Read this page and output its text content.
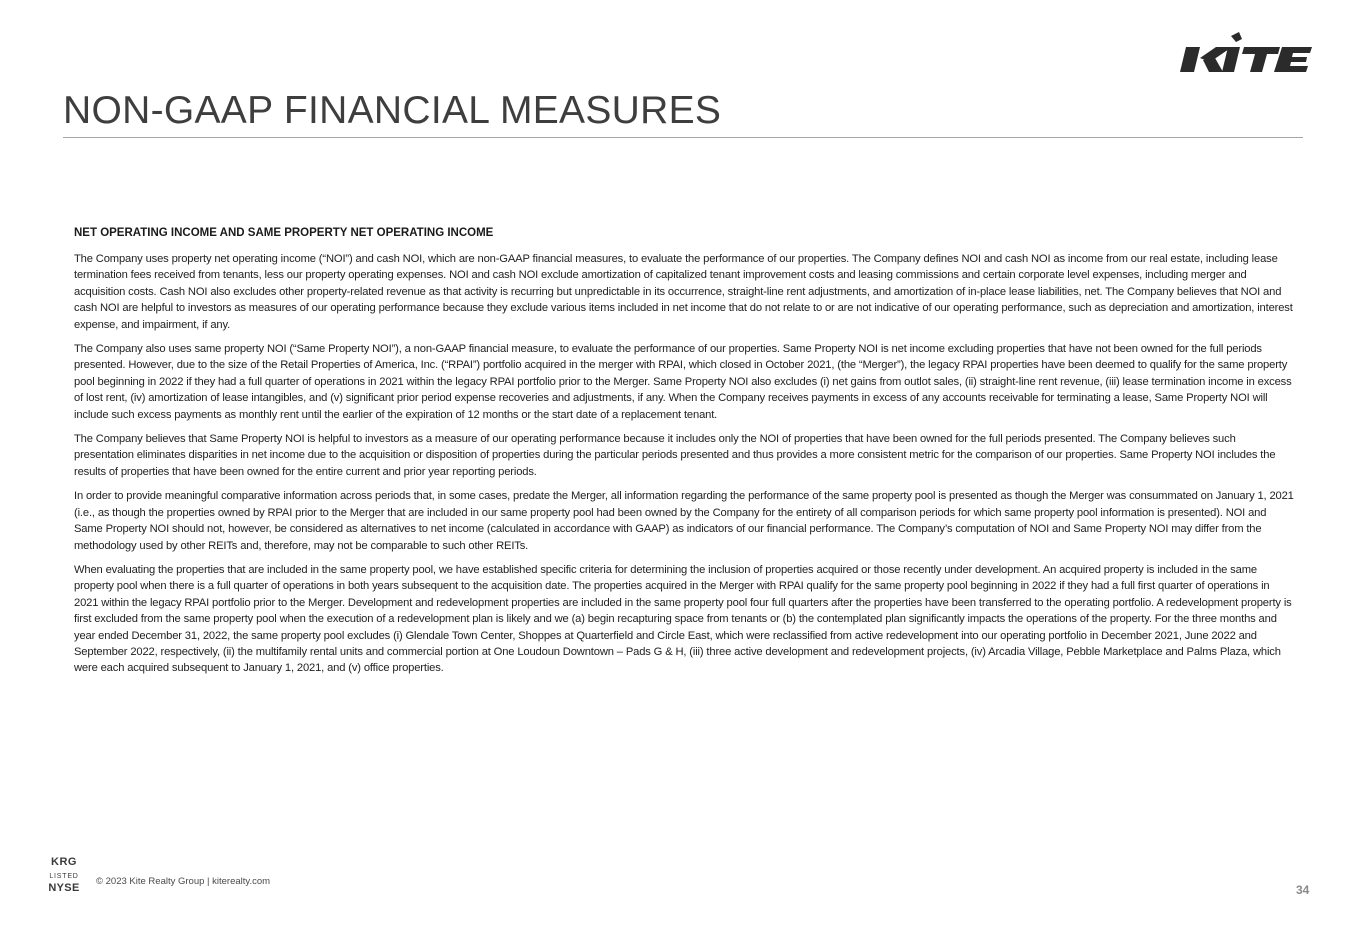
NON-GAAP FINANCIAL MEASURES
NET OPERATING INCOME AND SAME PROPERTY NET OPERATING INCOME

The Company uses property net operating income (“NOI”) and cash NOI, which are non-GAAP financial measures, to evaluate the performance of our properties. The Company defines NOI and cash NOI as income from our real estate, including lease termination fees received from tenants, less our property operating expenses. NOI and cash NOI exclude amortization of capitalized tenant improvement costs and leasing commissions and certain corporate level expenses, including merger and acquisition costs. Cash NOI also excludes other property-related revenue as that activity is recurring but unpredictable in its occurrence, straight-line rent adjustments, and amortization of in-place lease liabilities, net. The Company believes that NOI and cash NOI are helpful to investors as measures of our operating performance because they exclude various items included in net income that do not relate to or are not indicative of our operating performance, such as depreciation and amortization, interest expense, and impairment, if any.

The Company also uses same property NOI (“Same Property NOI”), a non-GAAP financial measure, to evaluate the performance of our properties. Same Property NOI is net income excluding properties that have not been owned for the full periods presented. However, due to the size of the Retail Properties of America, Inc. (“RPAI”) portfolio acquired in the merger with RPAI, which closed in October 2021, (the “Merger”), the legacy RPAI properties have been deemed to qualify for the same property pool beginning in 2022 if they had a full quarter of operations in 2021 within the legacy RPAI portfolio prior to the Merger. Same Property NOI also excludes (i) net gains from outlot sales, (ii) straight-line rent revenue, (iii) lease termination income in excess of lost rent, (iv) amortization of lease intangibles, and (v) significant prior period expense recoveries and adjustments, if any. When the Company receives payments in excess of any accounts receivable for terminating a lease, Same Property NOI will include such excess payments as monthly rent until the earlier of the expiration of 12 months or the start date of a replacement tenant.

The Company believes that Same Property NOI is helpful to investors as a measure of our operating performance because it includes only the NOI of properties that have been owned for the full periods presented. The Company believes such presentation eliminates disparities in net income due to the acquisition or disposition of properties during the particular periods presented and thus provides a more consistent metric for the comparison of our properties. Same Property NOI includes the results of properties that have been owned for the entire current and prior year reporting periods.

In order to provide meaningful comparative information across periods that, in some cases, predate the Merger, all information regarding the performance of the same property pool is presented as though the Merger was consummated on January 1, 2021 (i.e., as though the properties owned by RPAI prior to the Merger that are included in our same property pool had been owned by the Company for the entirety of all comparison periods for which same property pool information is presented). NOI and Same Property NOI should not, however, be considered as alternatives to net income (calculated in accordance with GAAP) as indicators of our financial performance. The Company’s computation of NOI and Same Property NOI may differ from the methodology used by other REITs and, therefore, may not be comparable to such other REITs.

When evaluating the properties that are included in the same property pool, we have established specific criteria for determining the inclusion of properties acquired or those recently under development. An acquired property is included in the same property pool when there is a full quarter of operations in both years subsequent to the acquisition date. The properties acquired in the Merger with RPAI qualify for the same property pool beginning in 2022 if they had a full first quarter of operations in 2021 within the legacy RPAI portfolio prior to the Merger. Development and redevelopment properties are included in the same property pool four full quarters after the properties have been transferred to the operating portfolio. A redevelopment property is first excluded from the same property pool when the execution of a redevelopment plan is likely and we (a) begin recapturing space from tenants or (b) the contemplated plan significantly impacts the operations of the property. For the three months and year ended December 31, 2022, the same property pool excludes (i) Glendale Town Center, Shoppes at Quarterfield and Circle East, which were reclassified from active redevelopment into our operating portfolio in December 2021, June 2022 and September 2022, respectively, (ii) the multifamily rental units and commercial portion at One Loudoun Downtown – Pads G & H, (iii) three active development and redevelopment projects, (iv) Arcadia Village, Pebble Marketplace and Palms Plaza, which were each acquired subsequent to January 1, 2021, and (v) office properties.

KRG
LISTED
NYSE
© 2023 Kite Realty Group | kiterealty.com
34
